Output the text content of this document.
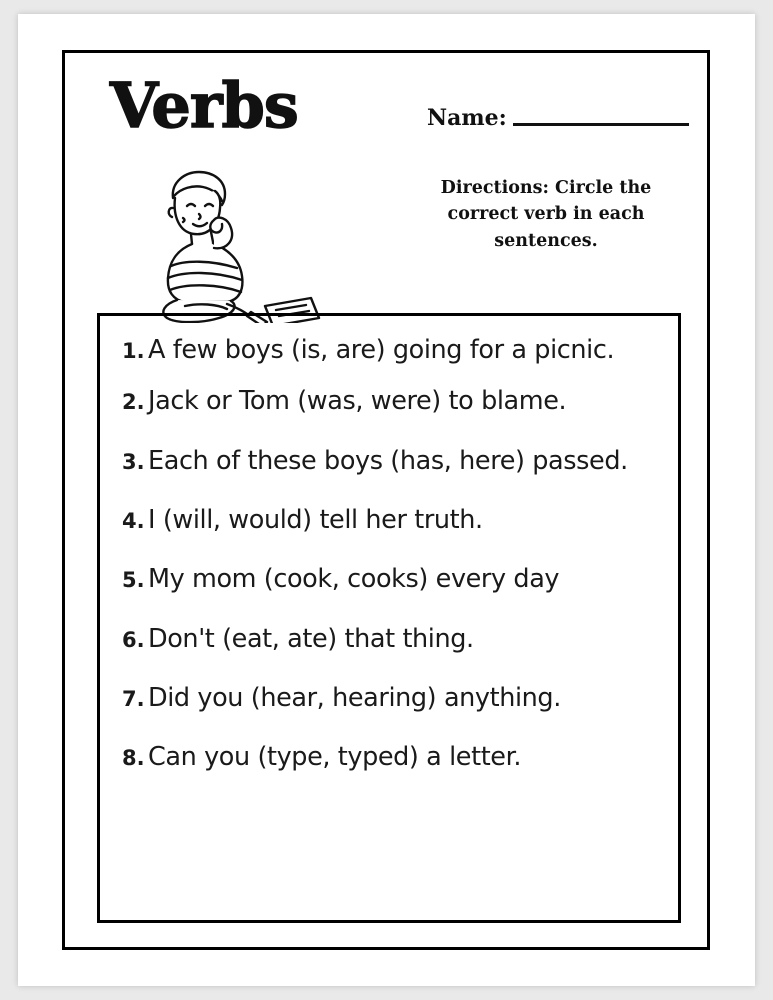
Verbs	Name:
Directions: Circle the correct verb in each sentences.
1. A few boys (is, are) going for a picnic.
2. Jack or Tom (was, were) to blame.
3. Each of these boys (has, here) passed.
4. I (will, would) tell her truth.
5. My mom (cook, cooks) every day
6. Don't (eat, ate) that thing.
7. Did you (hear, hearing) anything.
8. Can you (type, typed) a letter.
